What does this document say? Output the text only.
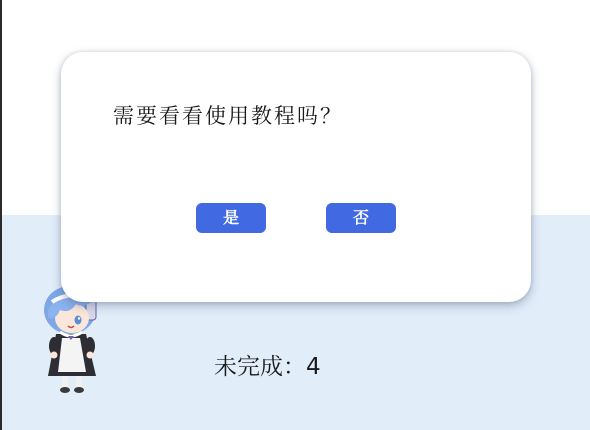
未完成：4
需要看看使用教程吗？
是	否
